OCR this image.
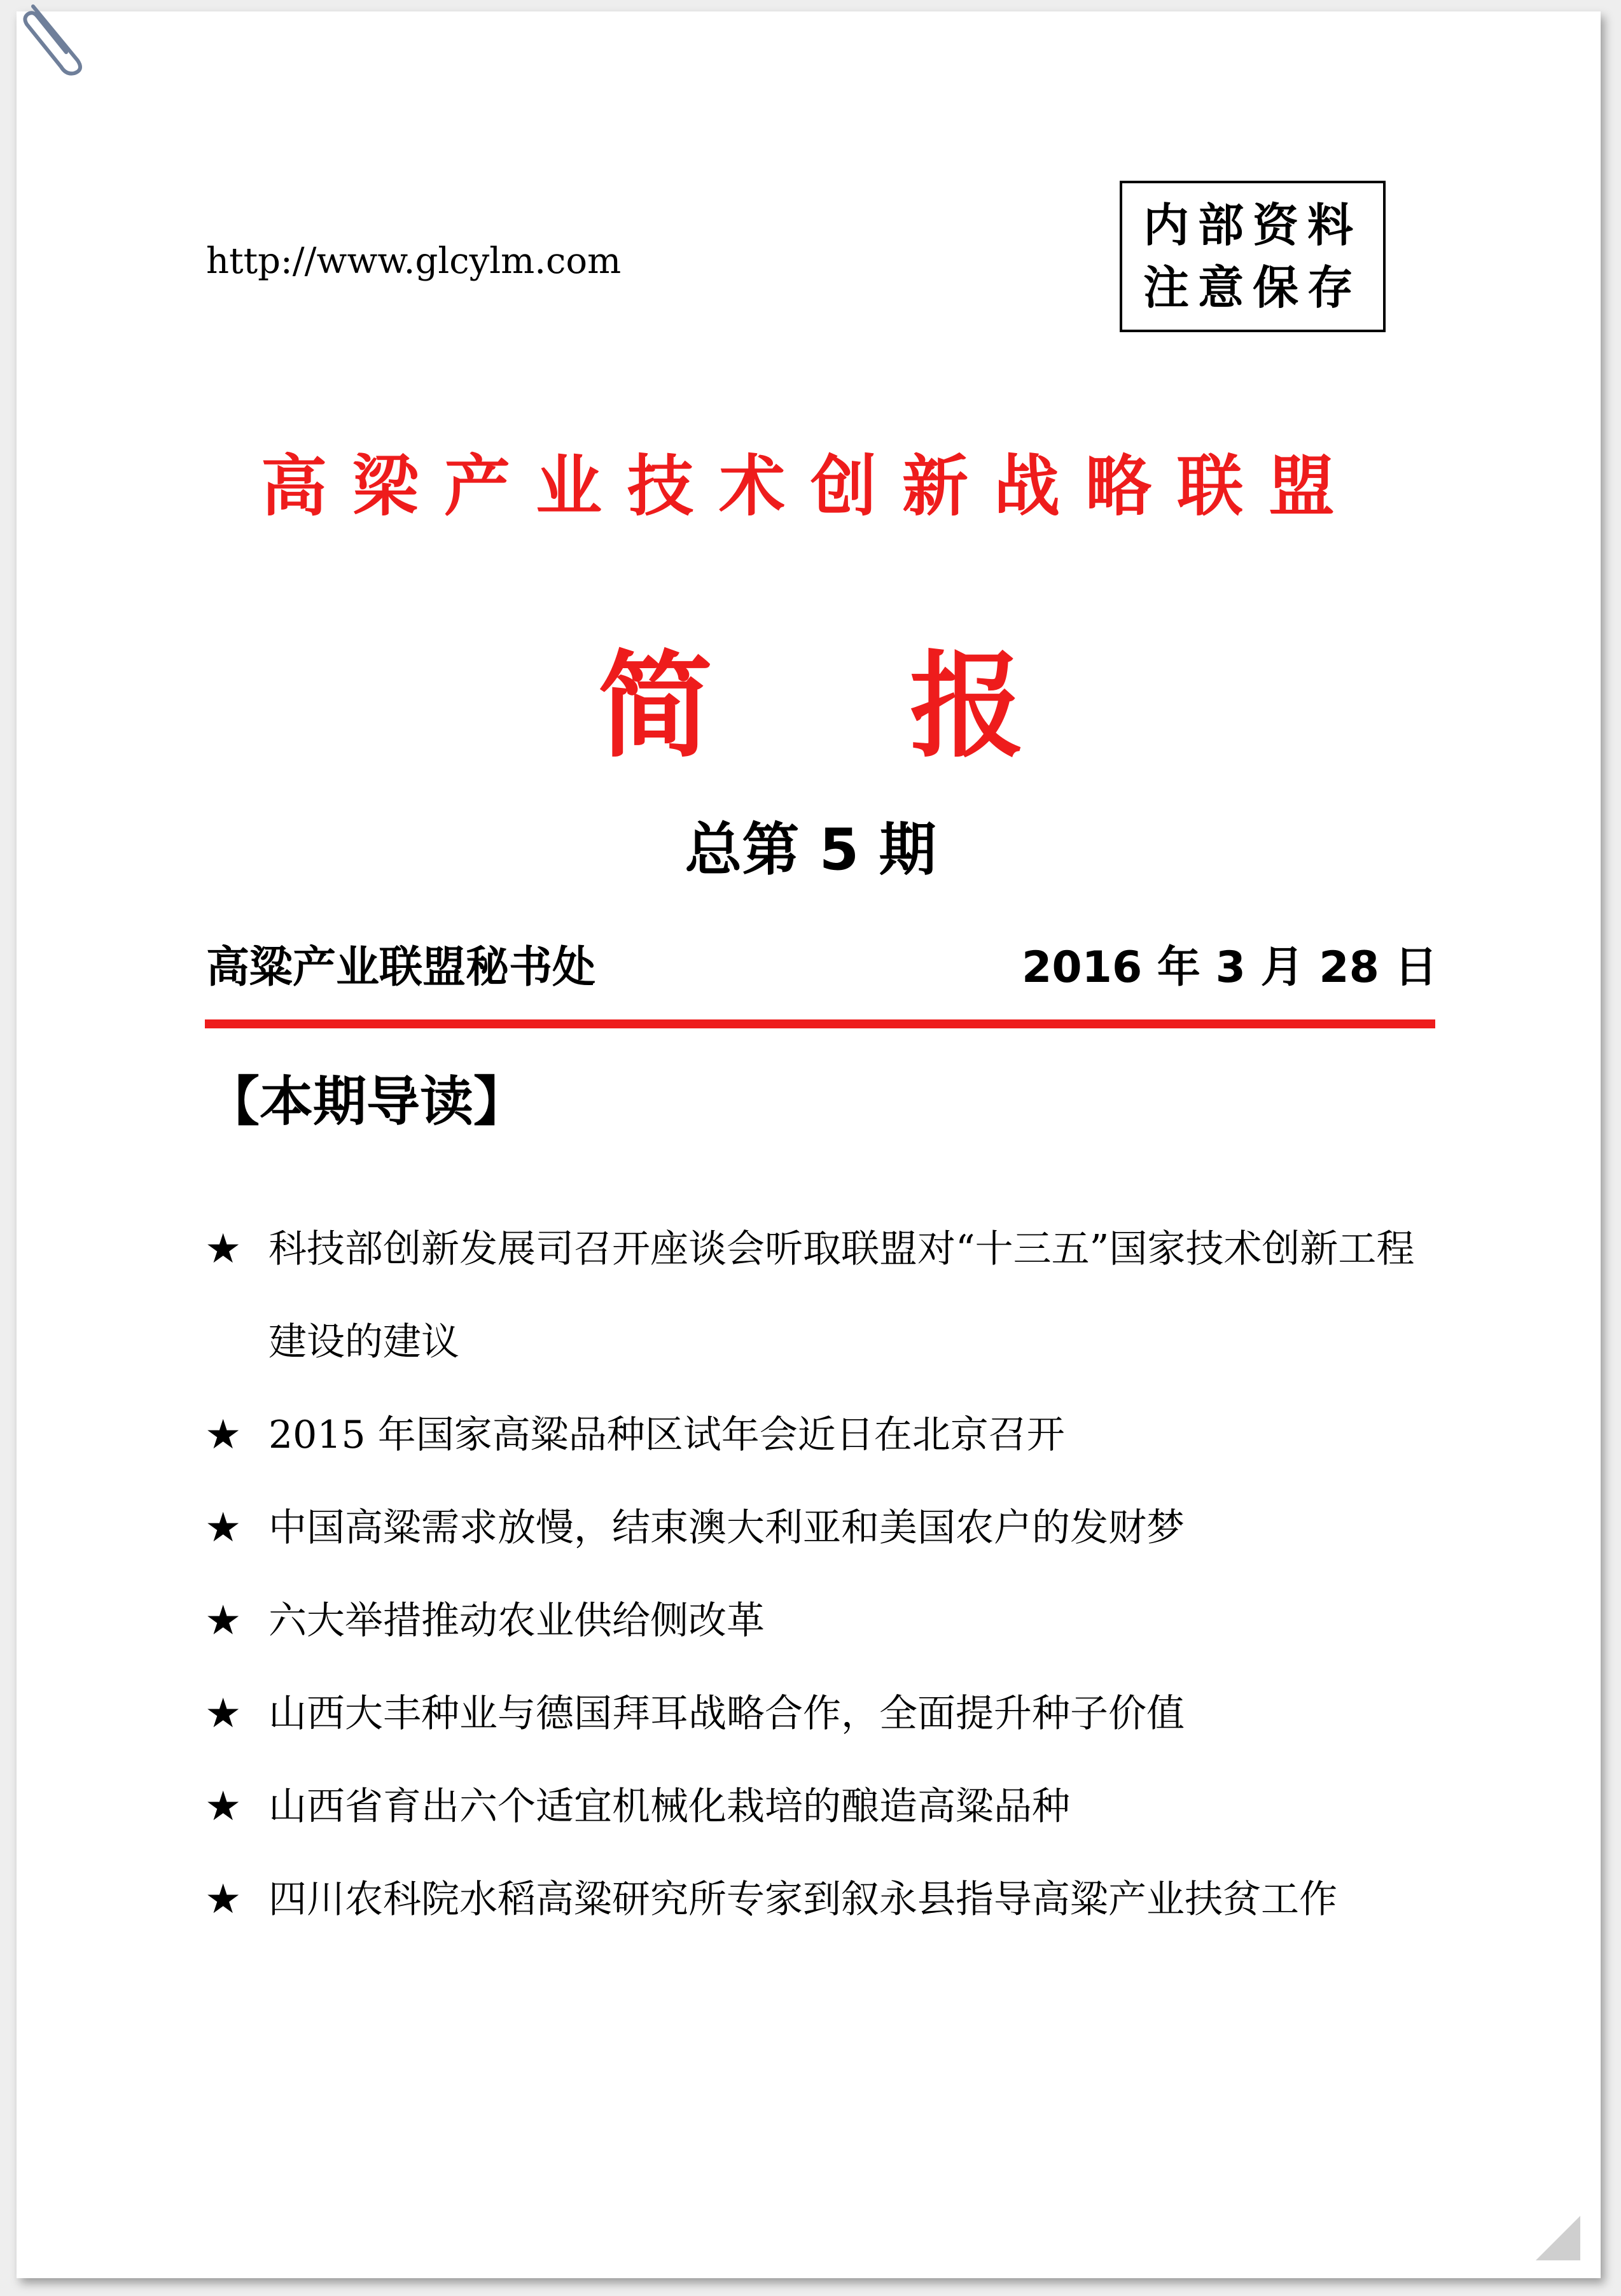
http://www.glcylm.com
内部资料
注意保存
高梁产业技术创新战略联盟
简 报
总第 5 期
高粱产业联盟秘书处	2016 年 3 月 28 日
【本期导读】
★ 科技部创新发展司召开座谈会听取联盟对“十三五”国家技术创新工程建设的建议
★ 2015 年国家高粱品种区试年会近日在北京召开
★ 中国高粱需求放慢，结束澳大利亚和美国农户的发财梦
★ 六大举措推动农业供给侧改革
★ 山西大丰种业与德国拜耳战略合作，全面提升种子价值
★ 山西省育出六个适宜机械化栽培的酿造高粱品种
★ 四川农科院水稻高粱研究所专家到叙永县指导高粱产业扶贫工作
